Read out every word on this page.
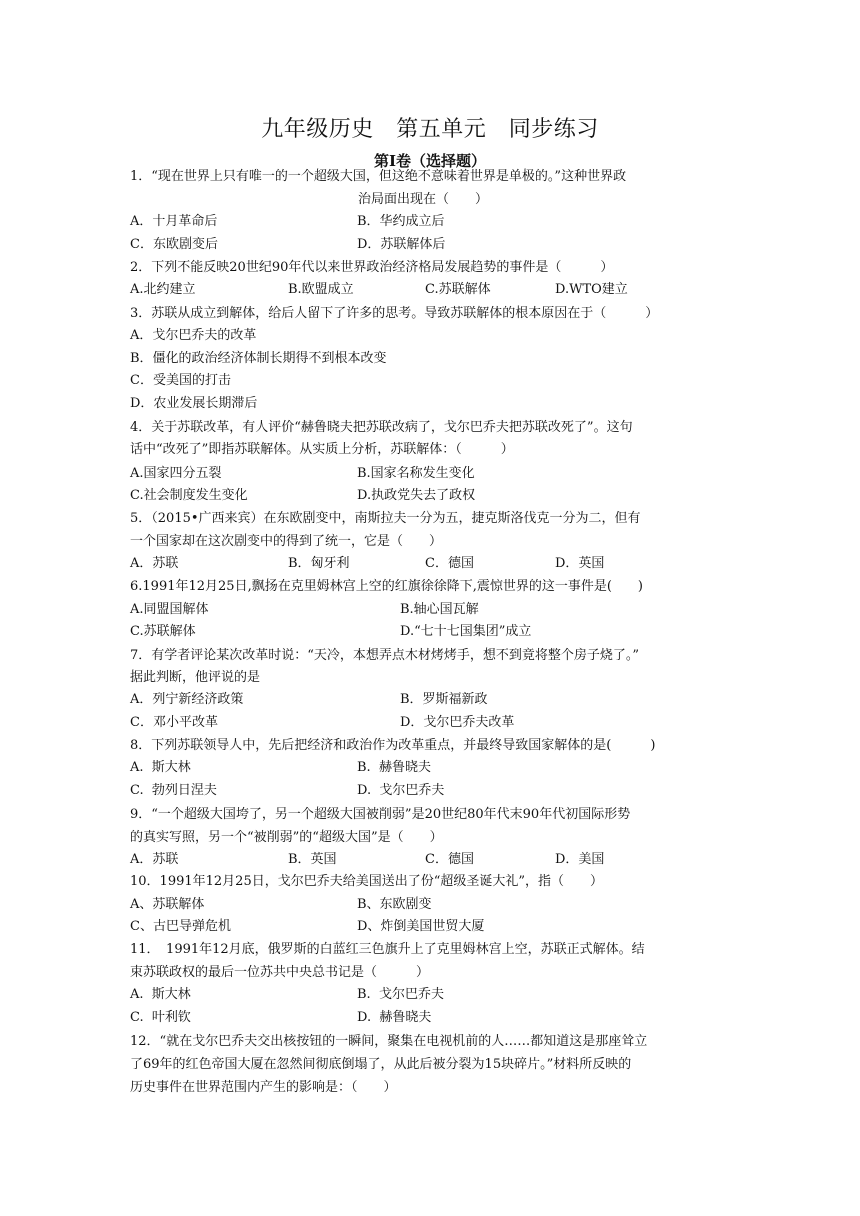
九年级历史　第五单元　同步练习
第Ⅰ卷（选择题）
1．“现在世界上只有唯一的一个超级大国，但这绝不意味着世界是单极的。”这种世界政
治局面出现在（　　）
A．十月革命后	B．华约成立后
C．东欧剧变后	D．苏联解体后
2．下列不能反映20世纪90年代以来世界政治经济格局发展趋势的事件是（　　　）
A.北约建立	B.欧盟成立	C.苏联解体	D.WTO建立
3．苏联从成立到解体，给后人留下了许多的思考。导致苏联解体的根本原因在于（　　　）
A．戈尔巴乔夫的改革
B．僵化的政治经济体制长期得不到根本改变
C．受美国的打击
D．农业发展长期滞后
4．关于苏联改革，有人评价“赫鲁晓夫把苏联改病了，戈尔巴乔夫把苏联改死了”。这句
话中“改死了”即指苏联解体。从实质上分析，苏联解体：（　　　）
A.国家四分五裂	B.国家名称发生变化
C.社会制度发生变化	D.执政党失去了政权
5．（2015•广西来宾）在东欧剧变中，南斯拉夫一分为五，捷克斯洛伐克一分为二，但有
一个国家却在这次剧变中的得到了统一，它是（　　）
A．苏联	B．匈牙利	C．德国	D．英国
6.1991年12月25日,飘扬在克里姆林宫上空的红旗徐徐降下,震惊世界的这一事件是(　　)
A.同盟国解体	B.轴心国瓦解
C.苏联解体	D.“七十七国集团”成立
7．有学者评论某次改革时说：“天冷，本想弄点木材烤烤手，想不到竟将整个房子烧了。”
据此判断，他评说的是
A．列宁新经济政策	B．罗斯福新政
C．邓小平改革	D．戈尔巴乔夫改革
8．下列苏联领导人中，先后把经济和政治作为改革重点，并最终导致国家解体的是(　　　)
A.  斯大林	B.  赫鲁晓夫
C.  勃列日涅夫	D.  戈尔巴乔夫
9．“一个超级大国垮了，另一个超级大国被削弱”是20世纪80年代末90年代初国际形势
的真实写照，另一个“被削弱”的“超级大国”是（　　）
A．苏联	B．英国	C．德国	D．美国
10．1991年12月25日，戈尔巴乔夫给美国送出了份“超级圣诞大礼”，指（　　）
A、苏联解体	B、东欧剧变
C、古巴导弹危机	D、炸倒美国世贸大厦
11．　1991年12月底，俄罗斯的白蓝红三色旗升上了克里姆林宫上空，苏联正式解体。结
束苏联政权的最后一位苏共中央总书记是（　　　）
A.  斯大林	B.  戈尔巴乔夫
C.  叶利钦	D.  赫鲁晓夫
12．“就在戈尔巴乔夫交出核按钮的一瞬间，聚集在电视机前的人……都知道这是那座耸立
了69年的红色帝国大厦在忽然间彻底倒塌了，从此后被分裂为15块碎片。”材料所反映的
历史事件在世界范围内产生的影响是：（　　）
